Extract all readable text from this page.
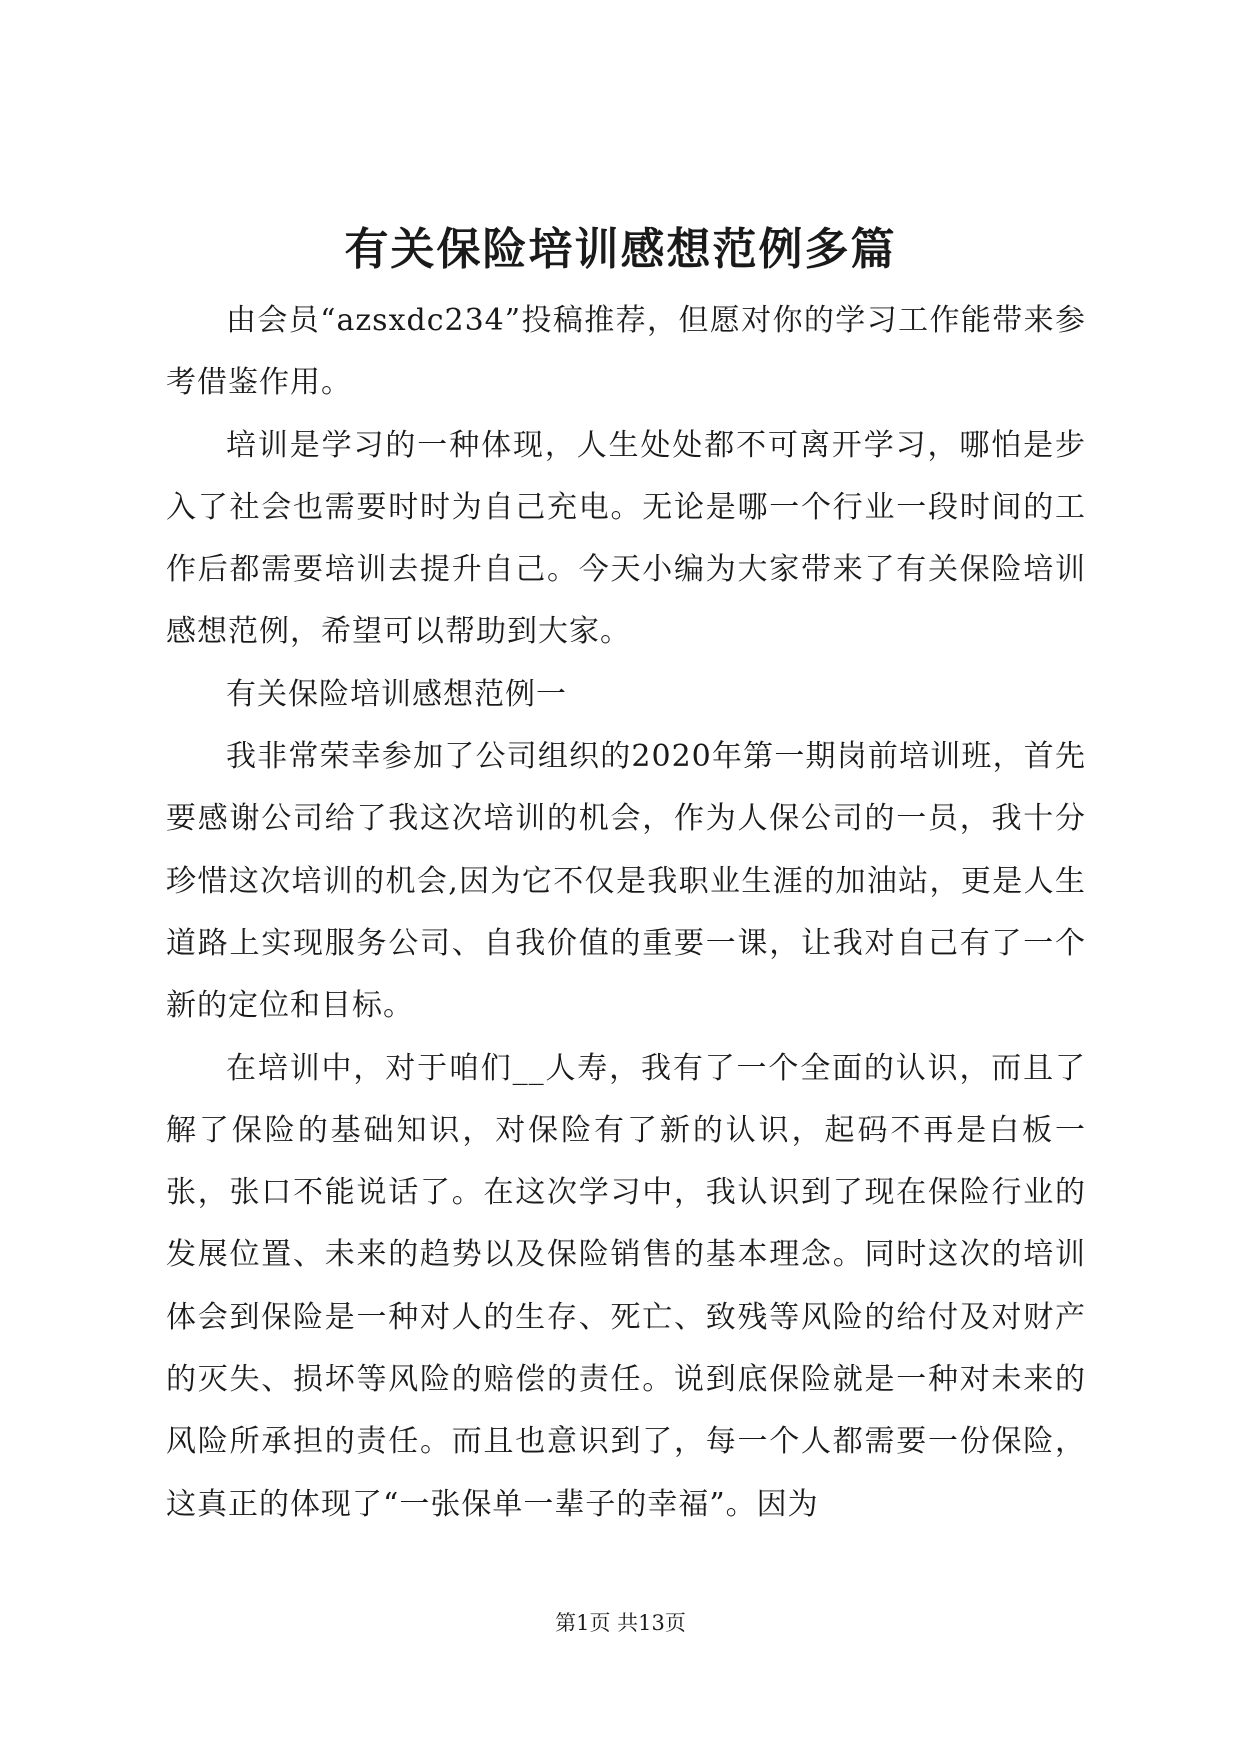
有关保险培训感想范例多篇

由会员“azsxdc234”投稿推荐，但愿对你的学习工作能带来参考借鉴作用。

培训是学习的一种体现，人生处处都不可离开学习，哪怕是步入了社会也需要时时为自己充电。无论是哪一个行业一段时间的工作后都需要培训去提升自己。今天小编为大家带来了有关保险培训感想范例，希望可以帮助到大家。

有关保险培训感想范例一

我非常荣幸参加了公司组织的2020年第一期岗前培训班，首先要感谢公司给了我这次培训的机会，作为人保公司的一员，我十分珍惜这次培训的机会,因为它不仅是我职业生涯的加油站，更是人生道路上实现服务公司、自我价值的重要一课，让我对自己有了一个新的定位和目标。

在培训中，对于咱们__人寿，我有了一个全面的认识，而且了解了保险的基础知识，对保险有了新的认识，起码不再是白板一张，张口不能说话了。在这次学习中，我认识到了现在保险行业的发展位置、未来的趋势以及保险销售的基本理念。同时这次的培训体会到保险是一种对人的生存、死亡、致残等风险的给付及对财产的灭失、损坏等风险的赔偿的责任。说到底保险就是一种对未来的风险所承担的责任。而且也意识到了，每一个人都需要一份保险，这真正的体现了“一张保单一辈子的幸福”。因为

第1页 共13页
